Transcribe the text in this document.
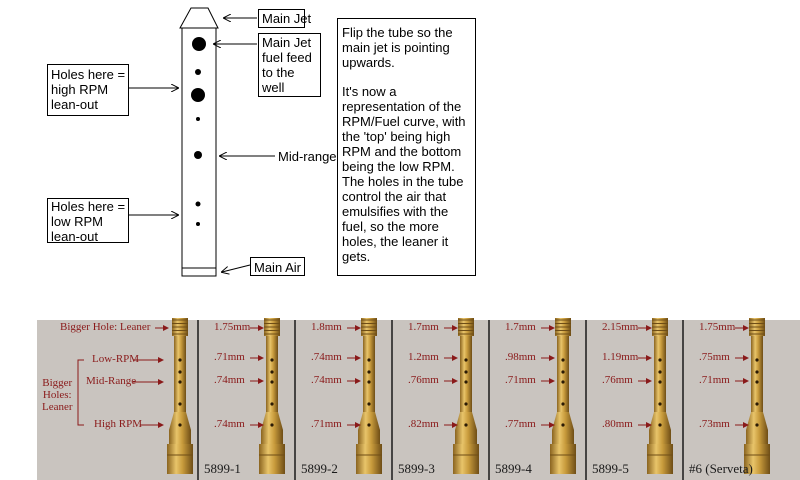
Main Jet
Main Jet
fuel feed
to the
well
Holes here =
high RPM
lean-out
Mid-range
Holes here =
low RPM
lean-out
Main Air

Flip the tube so the main jet is pointing upwards.

It's now a representation of the RPM/Fuel curve, with the 'top' being high RPM and the bottom being the low RPM. The holes in the tube control the air that emulsifies with the fuel, so the more holes, the leaner it gets.

Bigger Hole: Leaner
Low-RPM
Mid-Range
High RPM
Bigger
Holes:
Leaner
1.75mm
.71mm
.74mm
.74mm
5899-1
1.8mm
.74mm
.74mm
.71mm
5899-2
1.7mm
1.2mm
.76mm
.82mm
5899-3
1.7mm
.98mm
.71mm
.77mm
5899-4
2.15mm
1.19mm
.76mm
.80mm
5899-5
1.75mm
.75mm
.71mm
.73mm
#6 (Serveta)
